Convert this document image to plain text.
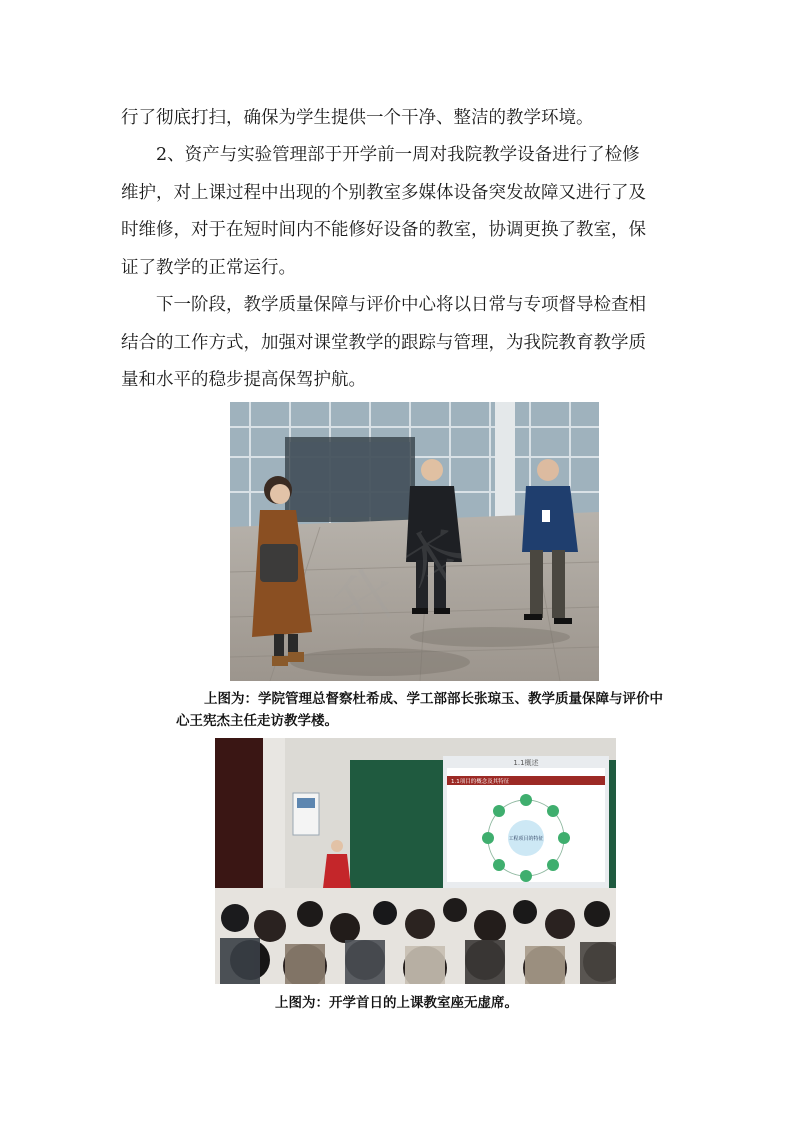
行了彻底打扫，确保为学生提供一个干净、整洁的教学环境。
2、资产与实验管理部于开学前一周对我院教学设备进行了检修
维护，对上课过程中出现的个别教室多媒体设备突发故障又进行了及
时维修，对于在短时间内不能修好设备的教室，协调更换了教室，保
证了教学的正常运行。
下一阶段，教学质量保障与评价中心将以日常与专项督导检查相
结合的工作方式，加强对课堂教学的跟踪与管理，为我院教育教学质
量和水平的稳步提高保驾护航。
上图为：学院管理总督察杜希成、学工部部长张琼玉、教学质量保障与评价中
心王宪杰主任走访教学楼。
1.1概述
1.1项目的概念及其特征
工程项目的特征
上图为：开学首日的上课教室座无虚席。
